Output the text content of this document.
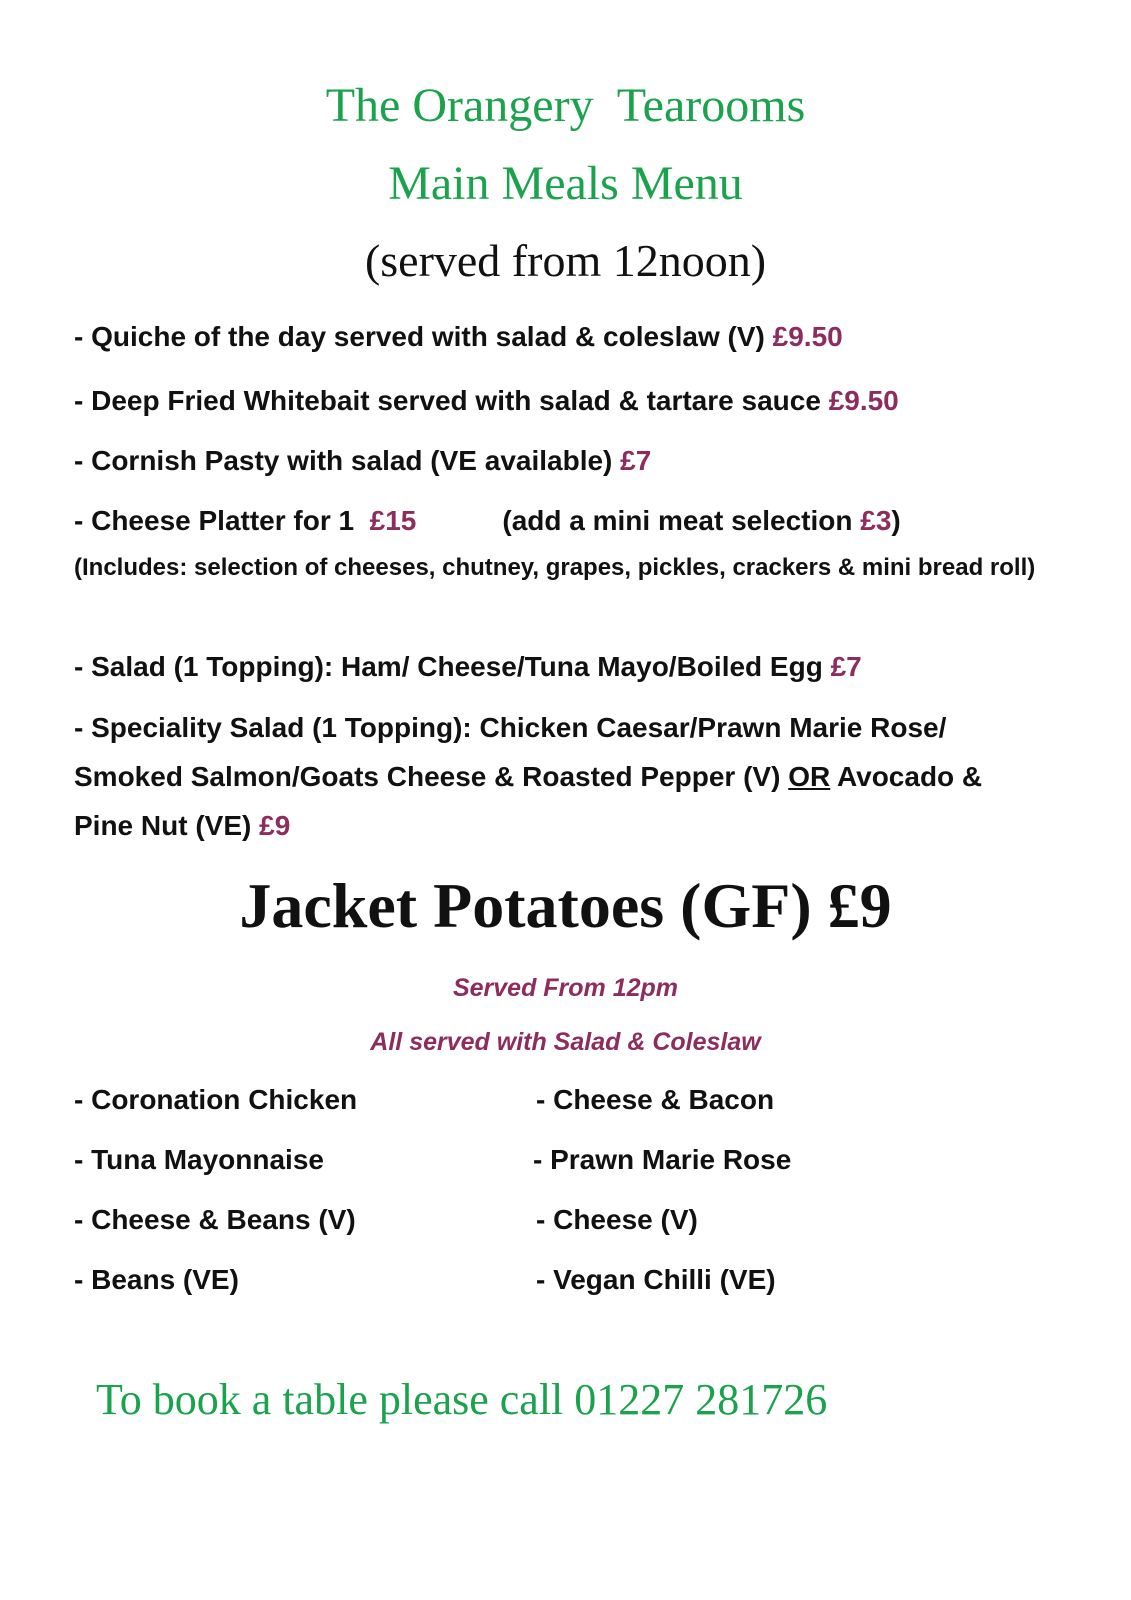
The Orangery  Tearooms
Main Meals Menu
(served from 12noon)
- Quiche of the day served with salad & coleslaw (V) £9.50
- Deep Fried Whitebait served with salad & tartare sauce £9.50
- Cornish Pasty with salad (VE available) £7
- Cheese Platter for 1  £15	(add a mini meat selection £3)
(Includes: selection of cheeses, chutney, grapes, pickles, crackers & mini bread roll)
- Salad (1 Topping): Ham/ Cheese/Tuna Mayo/Boiled Egg £7
- Speciality Salad (1 Topping): Chicken Caesar/Prawn Marie Rose/ Smoked Salmon/Goats Cheese & Roasted Pepper (V) OR Avocado & Pine Nut (VE) £9
Jacket Potatoes (GF) £9
Served From 12pm
All served with Salad & Coleslaw
- Coronation Chicken
- Tuna Mayonnaise
- Cheese & Beans (V)
- Beans (VE)
- Cheese & Bacon
- Prawn Marie Rose
- Cheese (V)
- Vegan Chilli (VE)
To book a table please call 01227 281726
